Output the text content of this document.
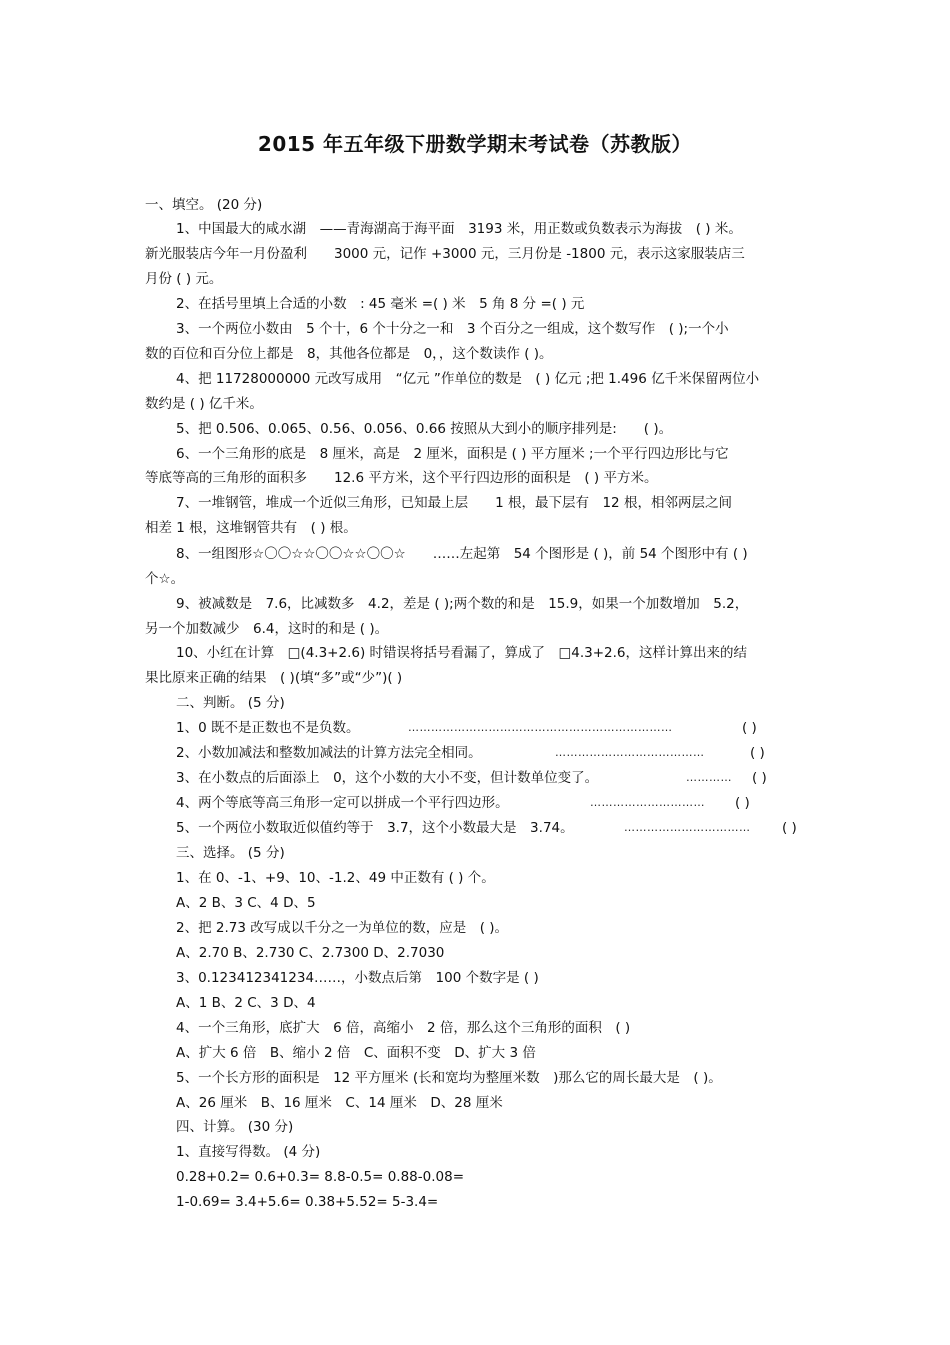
2015 年五年级下册数学期末考试卷（苏教版）
一、填空。 (20 分)
1、中国最大的咸水湖　——青海湖高于海平面　3193 米，用正数或负数表示为海拔　( ) 米。
新光服装店今年一月份盈利　　3000 元，记作 +3000 元，三月份是 -1800 元，表示这家服装店三
月份 ( ) 元。
2、在括号里填上合适的小数　: 45 毫米 =( ) 米　5 角 8 分 =( ) 元
3、一个两位小数由　5 个十，6 个十分之一和　3 个百分之一组成，这个数写作　( );一个小
数的百位和百分位上都是　8，其他各位都是　0，，这个数读作 ( )。
4、把 11728000000 元改写成用　“亿元 ”作单位的数是　( ) 亿元 ;把 1.496 亿千米保留两位小
数约是 ( ) 亿千米。
5、把 0.506、0.065、0.56、0.056、0.66 按照从大到小的顺序排列是:　　( )。
6、一个三角形的底是　8 厘米，高是　2 厘米，面积是 ( ) 平方厘米 ;一个平行四边形比与它
等底等高的三角形的面积多　　12.6 平方米，这个平行四边形的面积是　( ) 平方米。
7、一堆钢管，堆成一个近似三角形，已知最上层　　1 根，最下层有　12 根，相邻两层之间
相差 1 根，这堆钢管共有　( ) 根。
8、一组图形☆〇〇☆☆〇〇☆☆〇〇☆　　……左起第　54 个图形是 ( )，前 54 个图形中有 ( )
个☆。
9、被减数是　7.6，比减数多　4.2，差是 ( );两个数的和是　15.9，如果一个加数增加　5.2，
另一个加数减少　6.4，这时的和是 ( )。
10、小红在计算　□(4.3+2.6) 时错误将括号看漏了，算成了　□4.3+2.6，这样计算出来的结
果比原来正确的结果　( )(填“多”或“少”)( )
二、判断。 (5 分)
1、0 既不是正数也不是负数。	……………………………………………………………	( )
2、小数加减法和整数加减法的计算方法完全相同。	…………………………………	( )
3、在小数点的后面添上　0，这个小数的大小不变，但计数单位变了。	………… ( )
4、两个等底等高三角形一定可以拼成一个平行四边形。	………………………… ( )
5、一个两位小数取近似值约等于　3.7，这个小数最大是　3.74。	…………………………… ( )
三、选择。 (5 分)
1、在 0、-1、+9、10、-1.2、49 中正数有 ( ) 个。
A、2 B、3 C、4 D、5
2、把 2.73 改写成以千分之一为单位的数，应是　( )。
A、2.70 B、2.730 C、2.7300 D、2.7030
3、0.123412341234……，小数点后第　100 个数字是 ( )
A、1 B、2 C、3 D、4
4、一个三角形，底扩大　6 倍，高缩小　2 倍，那么这个三角形的面积　( )
A、扩大 6 倍　B、缩小 2 倍　C、面积不变　D、扩大 3 倍
5、一个长方形的面积是　12 平方厘米 (长和宽均为整厘米数　)那么它的周长最大是　( )。
A、26 厘米　B、16 厘米　C、14 厘米　D、28 厘米
四、计算。 (30 分)
1、直接写得数。 (4 分)
0.28+0.2= 0.6+0.3= 8.8-0.5= 0.88-0.08=
1-0.69= 3.4+5.6= 0.38+5.52= 5-3.4=
